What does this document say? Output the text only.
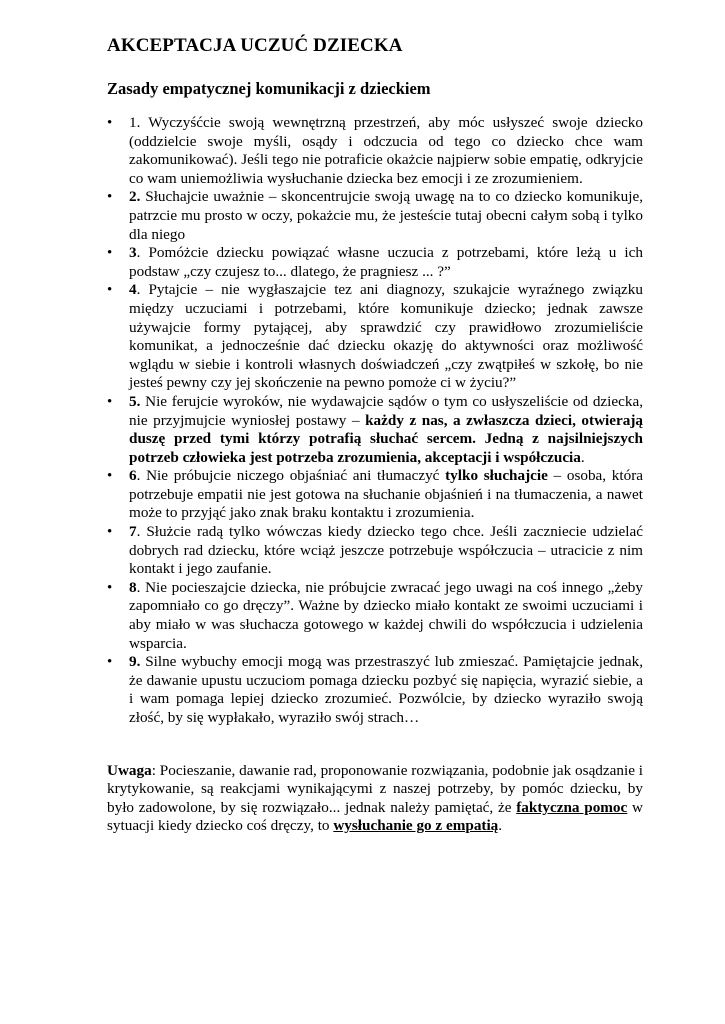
AKCEPTACJA UCZUĆ DZIECKA
Zasady empatycznej komunikacji z dzieckiem
• 1. Wyczyśćcie swoją wewnętrzną przestrzeń, aby móc usłyszeć swoje dziecko (oddzielcie swoje myśli, osądy i odczucia od tego co dziecko chce wam zakomunikować). Jeśli tego nie potraficie okażcie najpierw sobie empatię, odkryjcie co wam uniemożliwia wysłuchanie dziecka bez emocji i ze zrozumieniem.
• 2. Słuchajcie uważnie – skoncentrujcie swoją uwagę na to co dziecko komunikuje, patrzcie mu prosto w oczy, pokażcie mu, że jesteście tutaj obecni całym sobą i tylko dla niego
• 3. Pomóżcie dziecku powiązać własne uczucia z potrzebami, które leżą u ich podstaw „czy czujesz to... dlatego, że pragniesz ... ?”
• 4. Pytajcie – nie wygłaszajcie tez ani diagnozy, szukajcie wyraźnego związku między uczuciami i potrzebami, które komunikuje dziecko; jednak zawsze używajcie formy pytającej, aby sprawdzić czy prawidłowo zrozumieliście komunikat, a jednocześnie dać dziecku okazję do aktywności oraz możliwość wglądu w siebie i kontroli własnych doświadczeń „czy zwątpiłeś w szkołę, bo nie jesteś pewny czy jej skończenie na pewno pomoże ci w życiu?”
• 5. Nie ferujcie wyroków, nie wydawajcie sądów o tym co usłyszeliście od dziecka, nie przyjmujcie wyniosłej postawy – każdy z nas, a zwłaszcza dzieci, otwierają duszę przed tymi którzy potrafią słuchać sercem. Jedną z najsilniejszych potrzeb człowieka jest potrzeba zrozumienia, akceptacji i współczucia.
• 6. Nie próbujcie niczego objaśniać ani tłumaczyć tylko słuchajcie – osoba, która potrzebuje empatii nie jest gotowa na słuchanie objaśnień i na tłumaczenia, a nawet może to przyjąć jako znak braku kontaktu i zrozumienia.
• 7. Służcie radą tylko wówczas kiedy dziecko tego chce. Jeśli zaczniecie udzielać dobrych rad dziecku, które wciąż jeszcze potrzebuje współczucia – utracicie z nim kontakt i jego zaufanie.
• 8. Nie pocieszajcie dziecka, nie próbujcie zwracać jego uwagi na coś innego „żeby zapomniało co go dręczy”. Ważne by dziecko miało kontakt ze swoimi uczuciami i aby miało w was słuchacza gotowego w każdej chwili do współczucia i udzielenia wsparcia.
• 9. Silne wybuchy emocji mogą was przestraszyć lub zmieszać. Pamiętajcie jednak, że dawanie upustu uczuciom pomaga dziecku pozbyć się napięcia, wyrazić siebie, a i wam pomaga lepiej dziecko zrozumieć. Pozwólcie, by dziecko wyraziło swoją złość, by się wypłakało, wyraziło swój strach…
Uwaga: Pocieszanie, dawanie rad, proponowanie rozwiązania, podobnie jak osądzanie i krytykowanie, są reakcjami wynikającymi z naszej potrzeby, by pomóc dziecku, by było zadowolone, by się rozwiązało... jednak należy pamiętać, że faktyczna pomoc w sytuacji kiedy dziecko coś dręczy, to wysłuchanie go z empatią.
